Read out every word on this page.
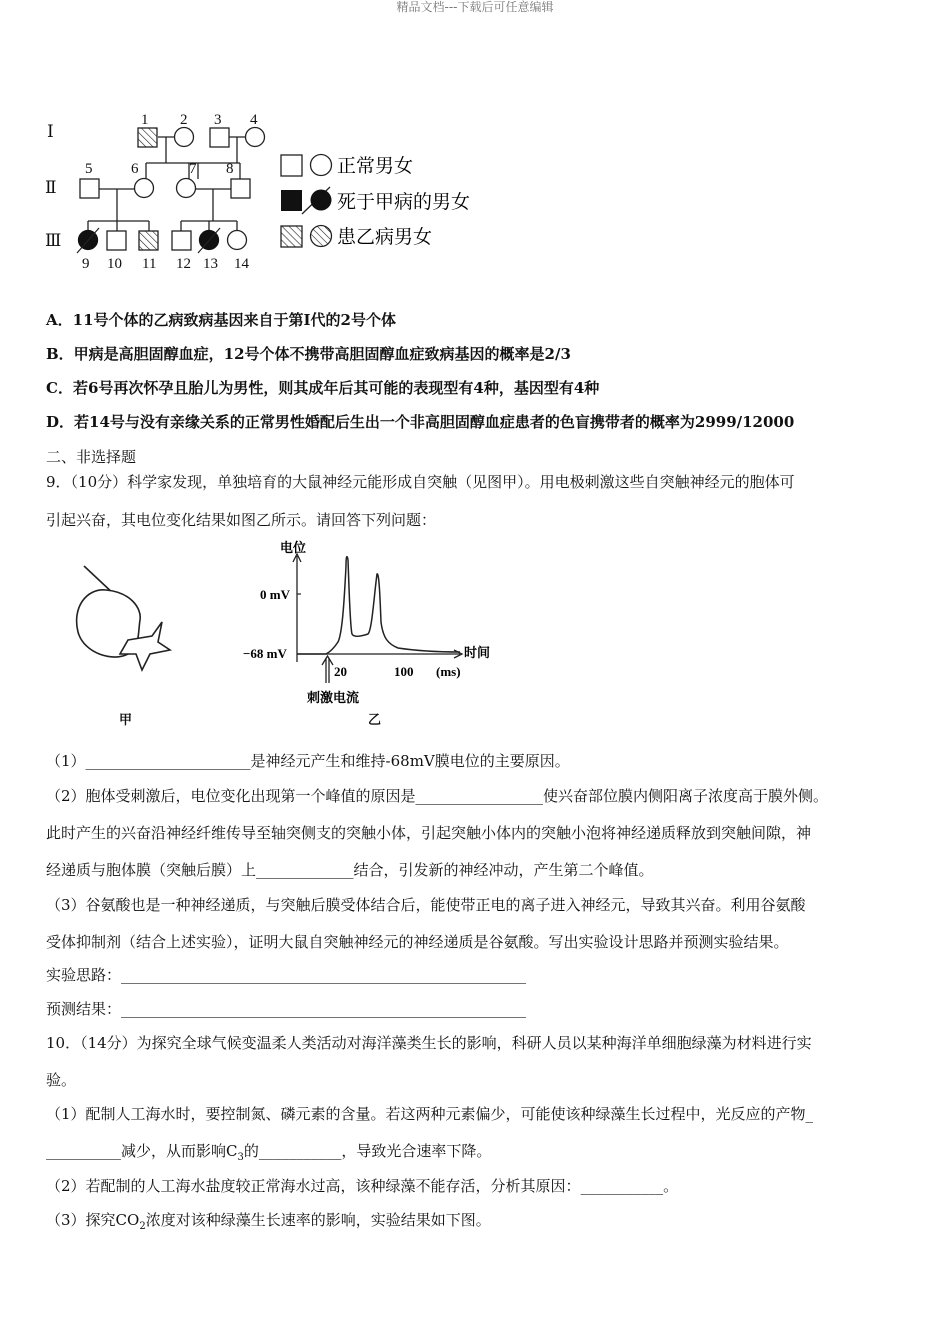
精品文档---下载后可任意编辑
Ⅰ
Ⅱ
Ⅲ
1 2 3 4
5	6	7 8
9 10 11 12 13 14
正常男女
死于甲病的男女
患乙病男女
A．11号个体的乙病致病基因来自于第Ⅰ代的2号个体
B．甲病是高胆固醇血症，12号个体不携带高胆固醇血症致病基因的概率是2/3
C．若6号再次怀孕且胎儿为男性，则其成年后其可能的表现型有4种，基因型有4种
D．若14号与没有亲缘关系的正常男性婚配后生出一个非高胆固醇血症患者的色盲携带者的概率为2999/12000
二、非选择题
9．（10分）科学家发现，单独培育的大鼠神经元能形成自突触（见图甲）。用电极刺激这些自突触神经元的胞体可
引起兴奋，其电位变化结果如图乙所示。请回答下列问题：
甲
电位
时间
0 mV
−68 mV
20	100 (ms)
刺激电流
乙
（1）______________________是神经元产生和维持-68mV膜电位的主要原因。
（2）胞体受刺激后，电位变化出现第一个峰值的原因是_________________使兴奋部位膜内侧阳离子浓度高于膜外侧。
此时产生的兴奋沿神经纤维传导至轴突侧支的突触小体，引起突触小体内的突触小泡将神经递质释放到突触间隙，神
经递质与胞体膜（突触后膜）上_____________结合，引发新的神经冲动，产生第二个峰值。
（3）谷氨酸也是一种神经递质，与突触后膜受体结合后，能使带正电的离子进入神经元，导致其兴奋。利用谷氨酸
受体抑制剂（结合上述实验），证明大鼠自突触神经元的神经递质是谷氨酸。写出实验设计思路并预测实验结果。
实验思路：______________________________________________________
预测结果：______________________________________________________
10．（14分）为探究全球气候变温柔人类活动对海洋藻类生长的影响，科研人员以某种海洋单细胞绿藻为材料进行实
验。
（1）配制人工海水时，要控制氮、磷元素的含量。若这两种元素偏少，可能使该种绿藻生长过程中，光反应的产物_
__________减少，从而影响$C_3$的___________，导致光合速率下降。
（2）若配制的人工海水盐度较正常海水过高，该种绿藻不能存活，分析其原因：___________。
（3）探究$CO_2$浓度对该种绿藻生长速率的影响，实验结果如下图。
